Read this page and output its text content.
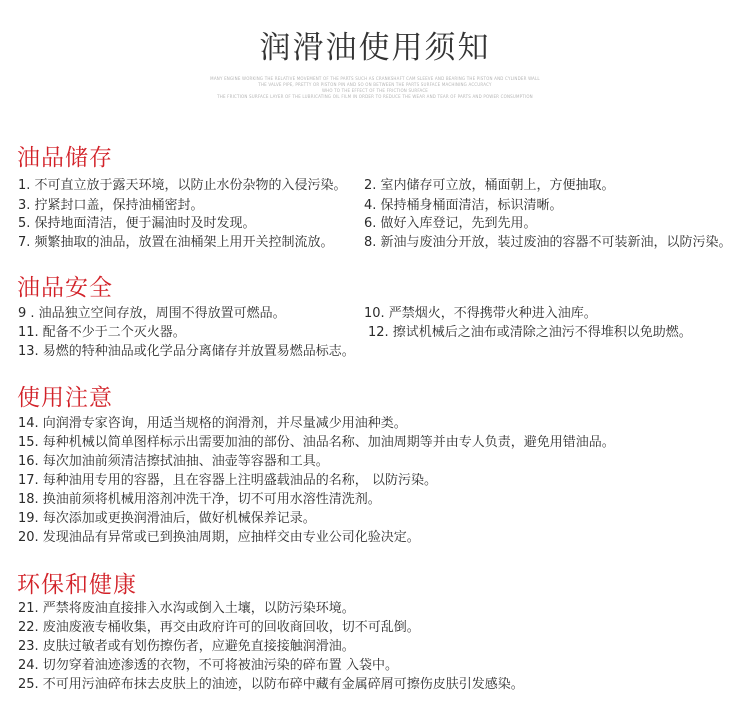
润滑油使用须知
MANY ENGINE WORKING THE RELATIVE MOVEMENT OF THE PARTS SUCH AS CRANKSHAFT CAM SLEEVE AND BEARING THE PISTON AND CYLINDER WALL
THE VALVE PIPE, PRETTY OR PISTON PIN AND SO ON BETWEEN THE PARTS SURFACE MACHINING ACCURACY
WHO TO THE EFFECT OF THE FRICTION SURFACE
THE FRICTION SURFACE LAYER OF THE LUBRICATING OIL FILM IN ORDER TO REDUCE THE WEAR AND TEAR OF PARTS AND POWER CONSUMPTION
油品储存
1. 不可直立放于露天环境，以防止水份杂物的入侵污染。 2. 室内储存可立放，桶面朝上，方便抽取。
3. 拧紧封口盖，保持油桶密封。	4. 保持桶身桶面清洁，标识清晰。
5. 保持地面清洁，便于漏油时及时发现。	6. 做好入库登记，先到先用。
7. 频繁抽取的油品，放置在油桶架上用开关控制流放。 8. 新油与废油分开放，装过废油的容器不可装新油，以防污染。
油品安全
9 . 油品独立空间存放，周围不得放置可燃品。	10. 严禁烟火，不得携带火种进入油库。
11. 配备不少于二个灭火器。	12. 擦试机械后之油布或清除之油污不得堆积以免助燃。
13. 易燃的特种油品或化学品分离储存并放置易燃品标志。
使用注意
14. 向润滑专家咨询，用适当规格的润滑剂，并尽量减少用油种类。
15. 每种机械以简单图样标示出需要加油的部份、油品名称、加油周期等并由专人负责，避免用错油品。
16. 每次加油前须清洁擦拭油抽、油壶等容器和工具。
17. 每种油用专用的容器，且在容器上注明盛载油品的名称， 以防污染。
18. 换油前须将机械用溶剂冲洗干净，切不可用水溶性清洗剂。
19. 每次添加或更换润滑油后，做好机械保养记录。
20. 发现油品有异常或已到换油周期，应抽样交由专业公司化验决定。
环保和健康
21. 严禁将废油直接排入水沟或倒入土壤，以防污染环境。
22. 废油废液专桶收集，再交由政府许可的回收商回收，切不可乱倒。
23. 皮肤过敏者或有划伤擦伤者，应避免直接接触润滑油。
24. 切勿穿着油迹渗透的衣物，不可将被油污染的碎布置 入袋中。
25. 不可用污油碎布抹去皮肤上的油迹，以防布碎中藏有金属碎屑可擦伤皮肤引发感染。
